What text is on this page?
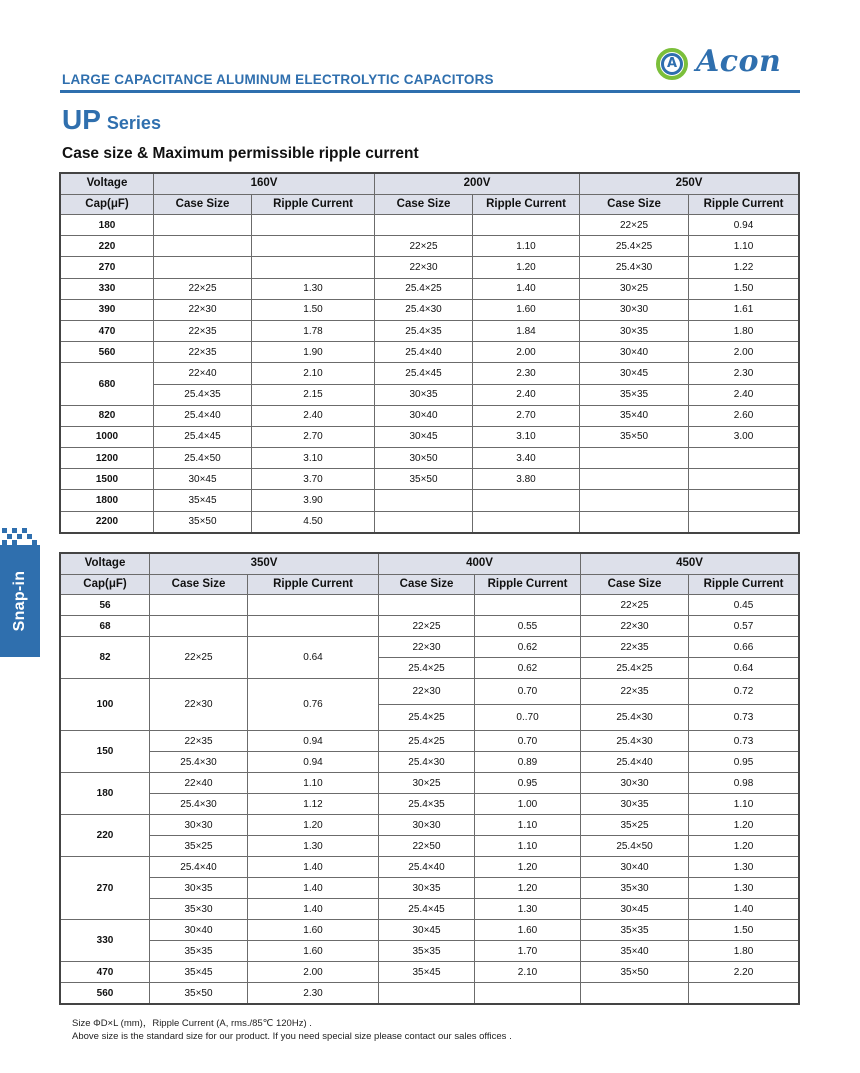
LARGE CAPACITANCE ALUMINUM ELECTROLYTIC CAPACITORS
A Acon
UP Series
Case size & Maximum permissible ripple current
Voltage	160V		200V		250V	
Cap(μF)	Case Size	Ripple Current	Case Size	Ripple Current	Case Size	Ripple Current
180					22×25	0.94
220			22×25	1.10	25.4×25	1.10
270			22×30	1.20	25.4×30	1.22
330	22×25	1.30	25.4×25	1.40	30×25	1.50
390	22×30	1.50	25.4×30	1.60	30×30	1.61
470	22×35	1.78	25.4×35	1.84	30×35	1.80
560	22×35	1.90	25.4×40	2.00	30×40	2.00
680	22×40	2.10	25.4×45	2.30	30×45	2.30
	25.4×35	2.15	30×35	2.40	35×35	2.40
820	25.4×40	2.40	30×40	2.70	35×40	2.60
1000	25.4×45	2.70	30×45	3.10	35×50	3.00
1200	25.4×50	3.10	30×50	3.40		
1500	30×45	3.70	35×50	3.80		
1800	35×45	3.90				
2200	35×50	4.50				
Voltage	350V		400V		450V	
Cap(μF)	Case Size	Ripple Current	Case Size	Ripple Current	Case Size	Ripple Current
56					22×25	0.45
68			22×25	0.55	22×30	0.57
82	22×25	0.64	22×30	0.62	22×35	0.66
			25.4×25	0.62	25.4×25	0.64
100	22×30	0.76	22×30	0.70	22×35	0.72
			25.4×25	0..70	25.4×30	0.73
150	22×35	0.94	25.4×25	0.70	25.4×30	0.73
	25.4×30	0.94	25.4×30	0.89	25.4×40	0.95
180	22×40	1.10	30×25	0.95	30×30	0.98
	25.4×30	1.12	25.4×35	1.00	30×35	1.10
220	30×30	1.20	30×30	1.10	35×25	1.20
	35×25	1.30	22×50	1.10	25.4×50	1.20
270	25.4×40	1.40	25.4×40	1.20	30×40	1.30
	30×35	1.40	30×35	1.20	35×30	1.30
	35×30	1.40	25.4×45	1.30	30×45	1.40
330	30×40	1.60	30×45	1.60	35×35	1.50
	35×35	1.60	35×35	1.70	35×40	1.80
470	35×45	2.00	35×45	2.10	35×50	2.20
560	35×50	2.30				
Snap-in
Size ΦD×L (mm)，Ripple Current (A, rms./85℃ 120Hz) .
Above size is the standard size for our product. If you need special size please contact our sales offices .
